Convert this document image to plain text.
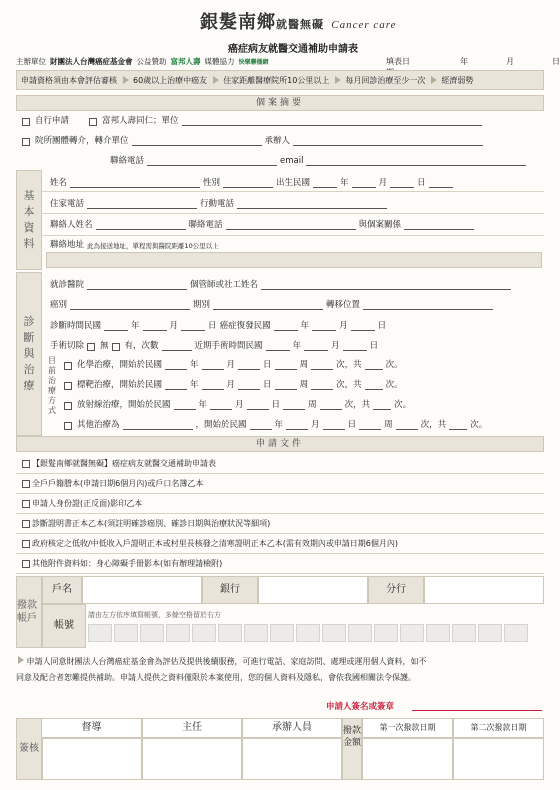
銀髮南鄉就醫無礙 Cancer care
癌症病友就醫交通補助申請表
主辦單位 財團法人台灣癌症基金會 公益贊助 富邦人壽 媒體協力 快樂聯播網	填表日	年	月	日
申請資格須由本會評估審核 60歲以上治療中癌友 住家距離醫療院所10公里以上 每月回診治療至少一次 經濟弱勢
個案摘要
自行申請	富邦人壽同仁；單位
院所團體轉介，轉介單位	承辦人
聯絡電話	email
基
本
資
料
姓名	性別	出生民國	年	月	日
住家電話	行動電話
聯絡人姓名	聯絡電話	與個案關係
聯絡地址 此為接送地址，單程需與醫院距離10公里以上
診
斷
與
治
療
就診醫院	個管師或社工姓名
癌別	期別	轉移位置
診斷時間民國	年	月	日 癌症復發民國	年	月	日
手術切除 無 有，次數	近期手術時間民國	年	月	日
目前治療方式
化學治療，開始於民國	年	月	日	周	次，共	次。
標靶治療，開始於民國	年	月	日	周	次，共	次。
放射線治療，開始於民國	年	月	日	周	次，共	次。
其他治療為	，開始於民國	年	月	日	周	次，共	次。
申請文件
【銀髮南鄉就醫無礙】癌症病友就醫交通補助申請表
全戶戶籍謄本(申請日期6個月內)或戶口名簿乙本
申請人身份證(正反面)影印乙本
診斷證明書正本乙本(須註明確診癌別、確診日期與治療狀況等細項)
政府核定之低收/中低收入戶證明正本或村里長核發之清寒證明正本乙本(需有效期內或申請日期6個月內)
其他附件資料如：身心障礙手冊影本(如有辦理請檢附)
撥款帳戶
戶名	銀行	分行
帳號
請由左方依序填寫帳號，多餘空格留於右方
申請人同意財團法人台灣癌症基金會為評估及提供後續服務，可進行電話、家庭訪問、處理或運用個人資料，如不
同意及配合者恕難提供補助。申請人提供之資料僅限於本案使用，您的個人資料及隱私，會依我國相關法令保護。
申請人簽名或簽章
簽核
督導	主任	承辦人員	撥款金額
第一次撥款日期	第二次撥款日期
